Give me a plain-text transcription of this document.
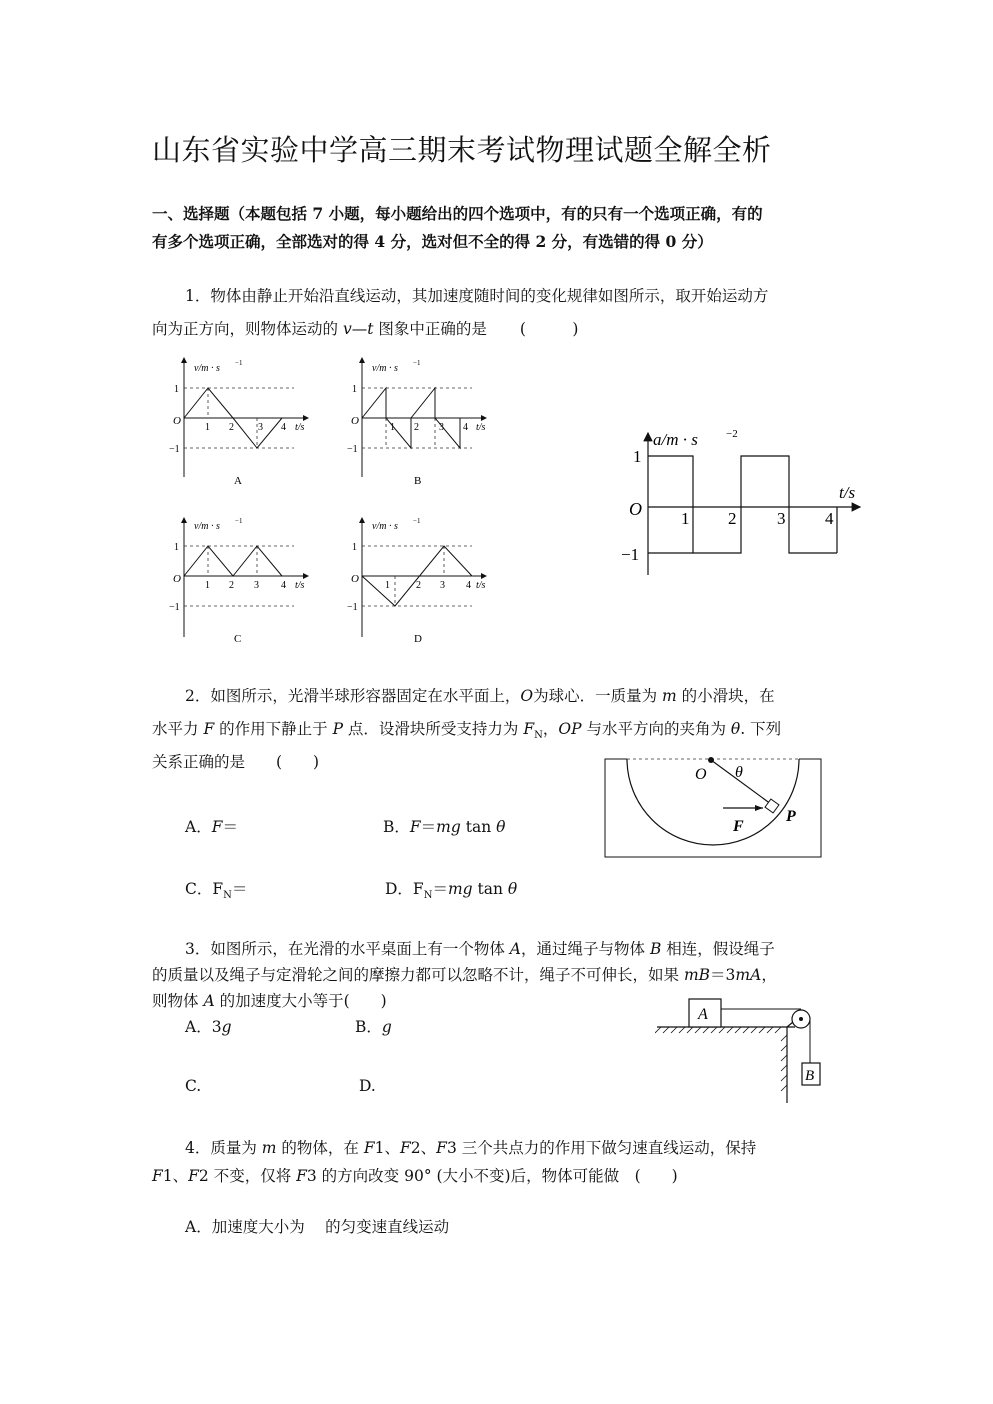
山东省实验中学高三期末考试物理试题全解全析
一、选择题（本题包括 7 小题，每小题给出的四个选项中，有的只有一个选项正确，有的
有多个选项正确，全部选对的得 4 分，选对但不全的得 2 分，有选错的得 0 分）
1．物体由静止开始沿直线运动，其加速度随时间的变化规律如图所示，取开始运动方
向为正方向，则物体运动的 v—t 图象中正确的是 (　　　)
v/m · s −1
1
−1
O
1 2 3 4 t/s
A
v/m · s −1
1
−1
O
1 2 3 4 t/s
B
v/m · s −1
1
−1
O
1 2 3 4 t/s
C
v/m · s −1
1
−1
O
1	2 3 4 t/s
D
a/m · s	−2
1
−1
O 1 2 3 4
t/s
2．如图所示，光滑半球形容器固定在水平面上，O为球心．一质量为 m 的小滑块，在
水平力 F 的作用下静止于 P 点．设滑块所受支持力为 $F_N$，OP 与水平方向的夹角为 θ. 下列
关系正确的是　　(　　)
A．F＝	B．F＝mg tan θ
C．$F_N=$	D．$F_N=mg$ tan θ
O θ
F
P
3．如图所示，在光滑的水平桌面上有一个物体 A，通过绳子与物体 B 相连，假设绳子
的质量以及绳子与定滑轮之间的摩擦力都可以忽略不计，绳子不可伸长，如果 mB＝3mA，
则物体 A 的加速度大小等于(　　)
A．3g	B．g
C.	D.
A
B
4．质量为 m 的物体，在 F1、F2、F3 三个共点力的作用下做匀速直线运动，保持
F1、F2 不变，仅将 F3 的方向改变 90° (大小不变)后，物体可能做　(　　)
A．加速度大小为　 的匀变速直线运动
